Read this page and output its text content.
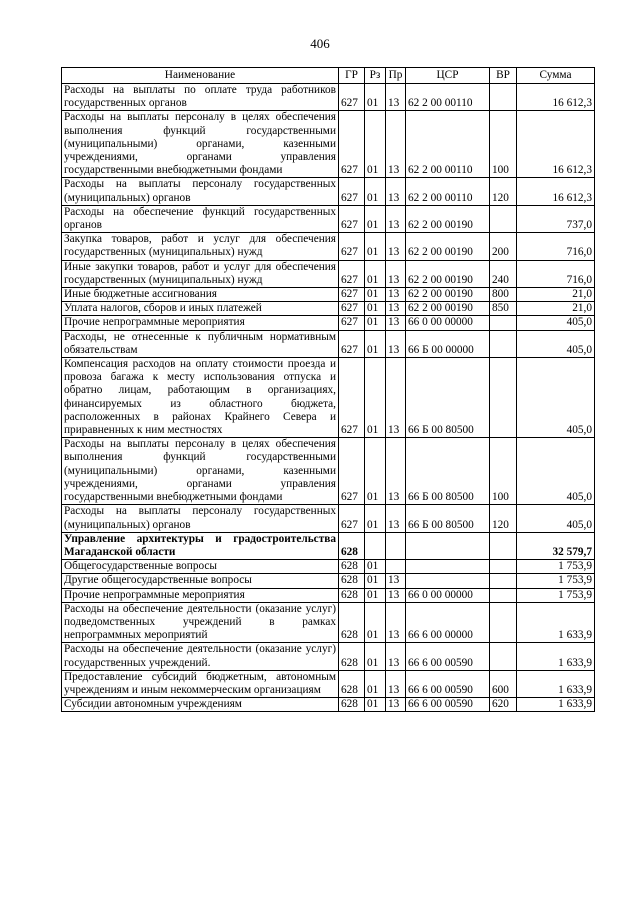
406
Наименование	ГР	Рз	Пр	ЦСР	ВР	Сумма
Расходы на выплаты по оплате труда работников государственных органов	627	01	13	62 2 00 00110		16 612,3
Расходы на выплаты персоналу в целях обеспечения выполнения функций государственными (муниципальными) органами, казенными учреждениями, органами управления государственными внебюджетными фондами	627	01	13	62 2 00 00110	100	16 612,3
Расходы на выплаты персоналу государственных (муниципальных) органов	627	01	13	62 2 00 00110	120	16 612,3
Расходы на обеспечение функций государственных органов	627	01	13	62 2 00 00190		737,0
Закупка товаров, работ и услуг для обеспечения государственных (муниципальных) нужд	627	01	13	62 2 00 00190	200	716,0
Иные закупки товаров, работ и услуг для обеспечения государственных (муниципальных) нужд	627	01	13	62 2 00 00190	240	716,0
Иные бюджетные ассигнования	627	01	13	62 2 00 00190	800	21,0
Уплата налогов, сборов и иных платежей	627	01	13	62 2 00 00190	850	21,0
Прочие непрограммные мероприятия	627	01	13	66 0 00 00000		405,0
Расходы, не отнесенные к публичным нормативным обязательствам	627	01	13	66 Б 00 00000		405,0
Компенсация расходов на оплату стоимости проезда и провоза багажа к месту использования отпуска и обратно лицам, работающим в организациях, финансируемых из областного бюджета, расположенных в районах Крайнего Севера и приравненных к ним местностях	627	01	13	66 Б 00 80500		405,0
Расходы на выплаты персоналу в целях обеспечения выполнения функций государственными (муниципальными) органами, казенными учреждениями, органами управления государственными внебюджетными фондами	627	01	13	66 Б 00 80500	100	405,0
Расходы на выплаты персоналу государственных (муниципальных) органов	627	01	13	66 Б 00 80500	120	405,0
Управление архитектуры и градостроительства Магаданской области	628					32 579,7
Общегосударственные вопросы	628	01				1 753,9
Другие общегосударственные вопросы	628	01	13			1 753,9
Прочие непрограммные мероприятия	628	01	13	66 0 00 00000		1 753,9
Расходы на обеспечение деятельности (оказание услуг) подведомственных учреждений в рамках непрограммных мероприятий	628	01	13	66 6 00 00000		1 633,9
Расходы на обеспечение деятельности (оказание услуг) государственных учреждений.	628	01	13	66 6 00 00590		1 633,9
Предоставление субсидий бюджетным, автономным учреждениям и иным некоммерческим организациям	628	01	13	66 6 00 00590	600	1 633,9
Субсидии автономным учреждениям	628	01	13	66 6 00 00590	620	1 633,9
